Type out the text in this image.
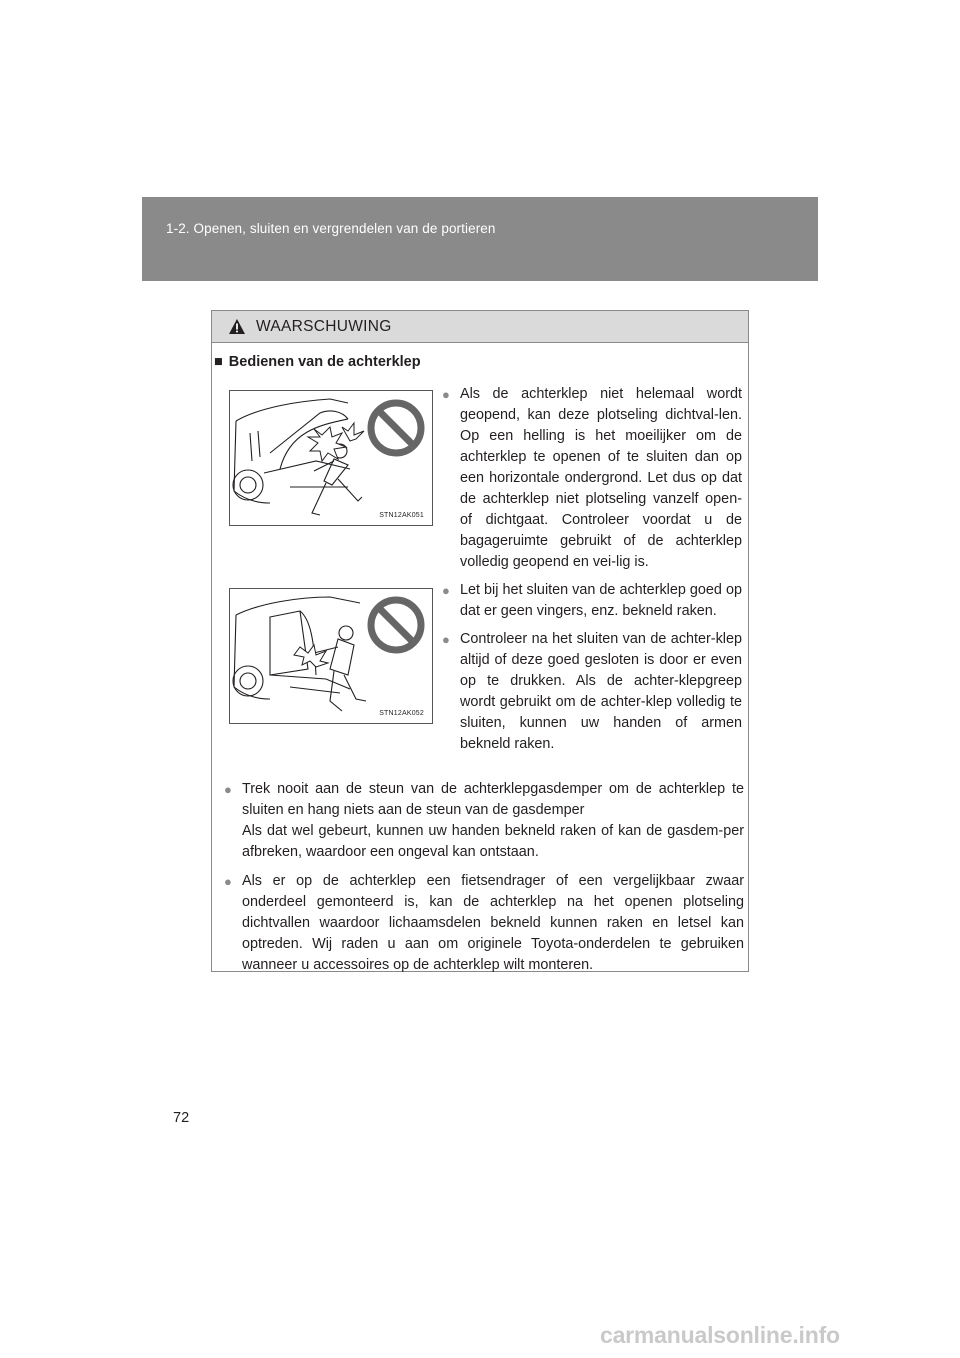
1-2. Openen, sluiten en vergrendelen van de portieren
WAARSCHUWING
■ Bedienen van de achterklep
STN12AK051
STN12AK052
● Als de achterklep niet helemaal wordt geopend, kan deze plotseling dichtval-len. Op een helling is het moeilijker om de achterklep te openen of te sluiten dan op een horizontale ondergrond. Let dus op dat de achterklep niet plotseling vanzelf open- of dichtgaat. Controleer voordat u de bagageruimte gebruikt of de achterklep volledig geopend en vei-lig is.
● Let bij het sluiten van de achterklep goed op dat er geen vingers, enz. bekneld raken.
● Controleer na het sluiten van de achter-klep altijd of deze goed gesloten is door er even op te drukken. Als de achter-klepgreep wordt gebruikt om de achter-klep volledig te sluiten, kunnen uw handen of armen bekneld raken.
● Trek nooit aan de steun van de achterklepgasdemper om de achterklep te sluiten en hang niets aan de steun van de gasdemper
Als dat wel gebeurt, kunnen uw handen bekneld raken of kan de gasdem-per afbreken, waardoor een ongeval kan ontstaan.
● Als er op de achterklep een fietsendrager of een vergelijkbaar zwaar onderdeel gemonteerd is, kan de achterklep na het openen plotseling dichtvallen waardoor lichaamsdelen bekneld kunnen raken en letsel kan optreden. Wij raden u aan om originele Toyota-onderdelen te gebruiken wanneer u accessoires op de achterklep wilt monteren.
72
carmanualsonline.info
